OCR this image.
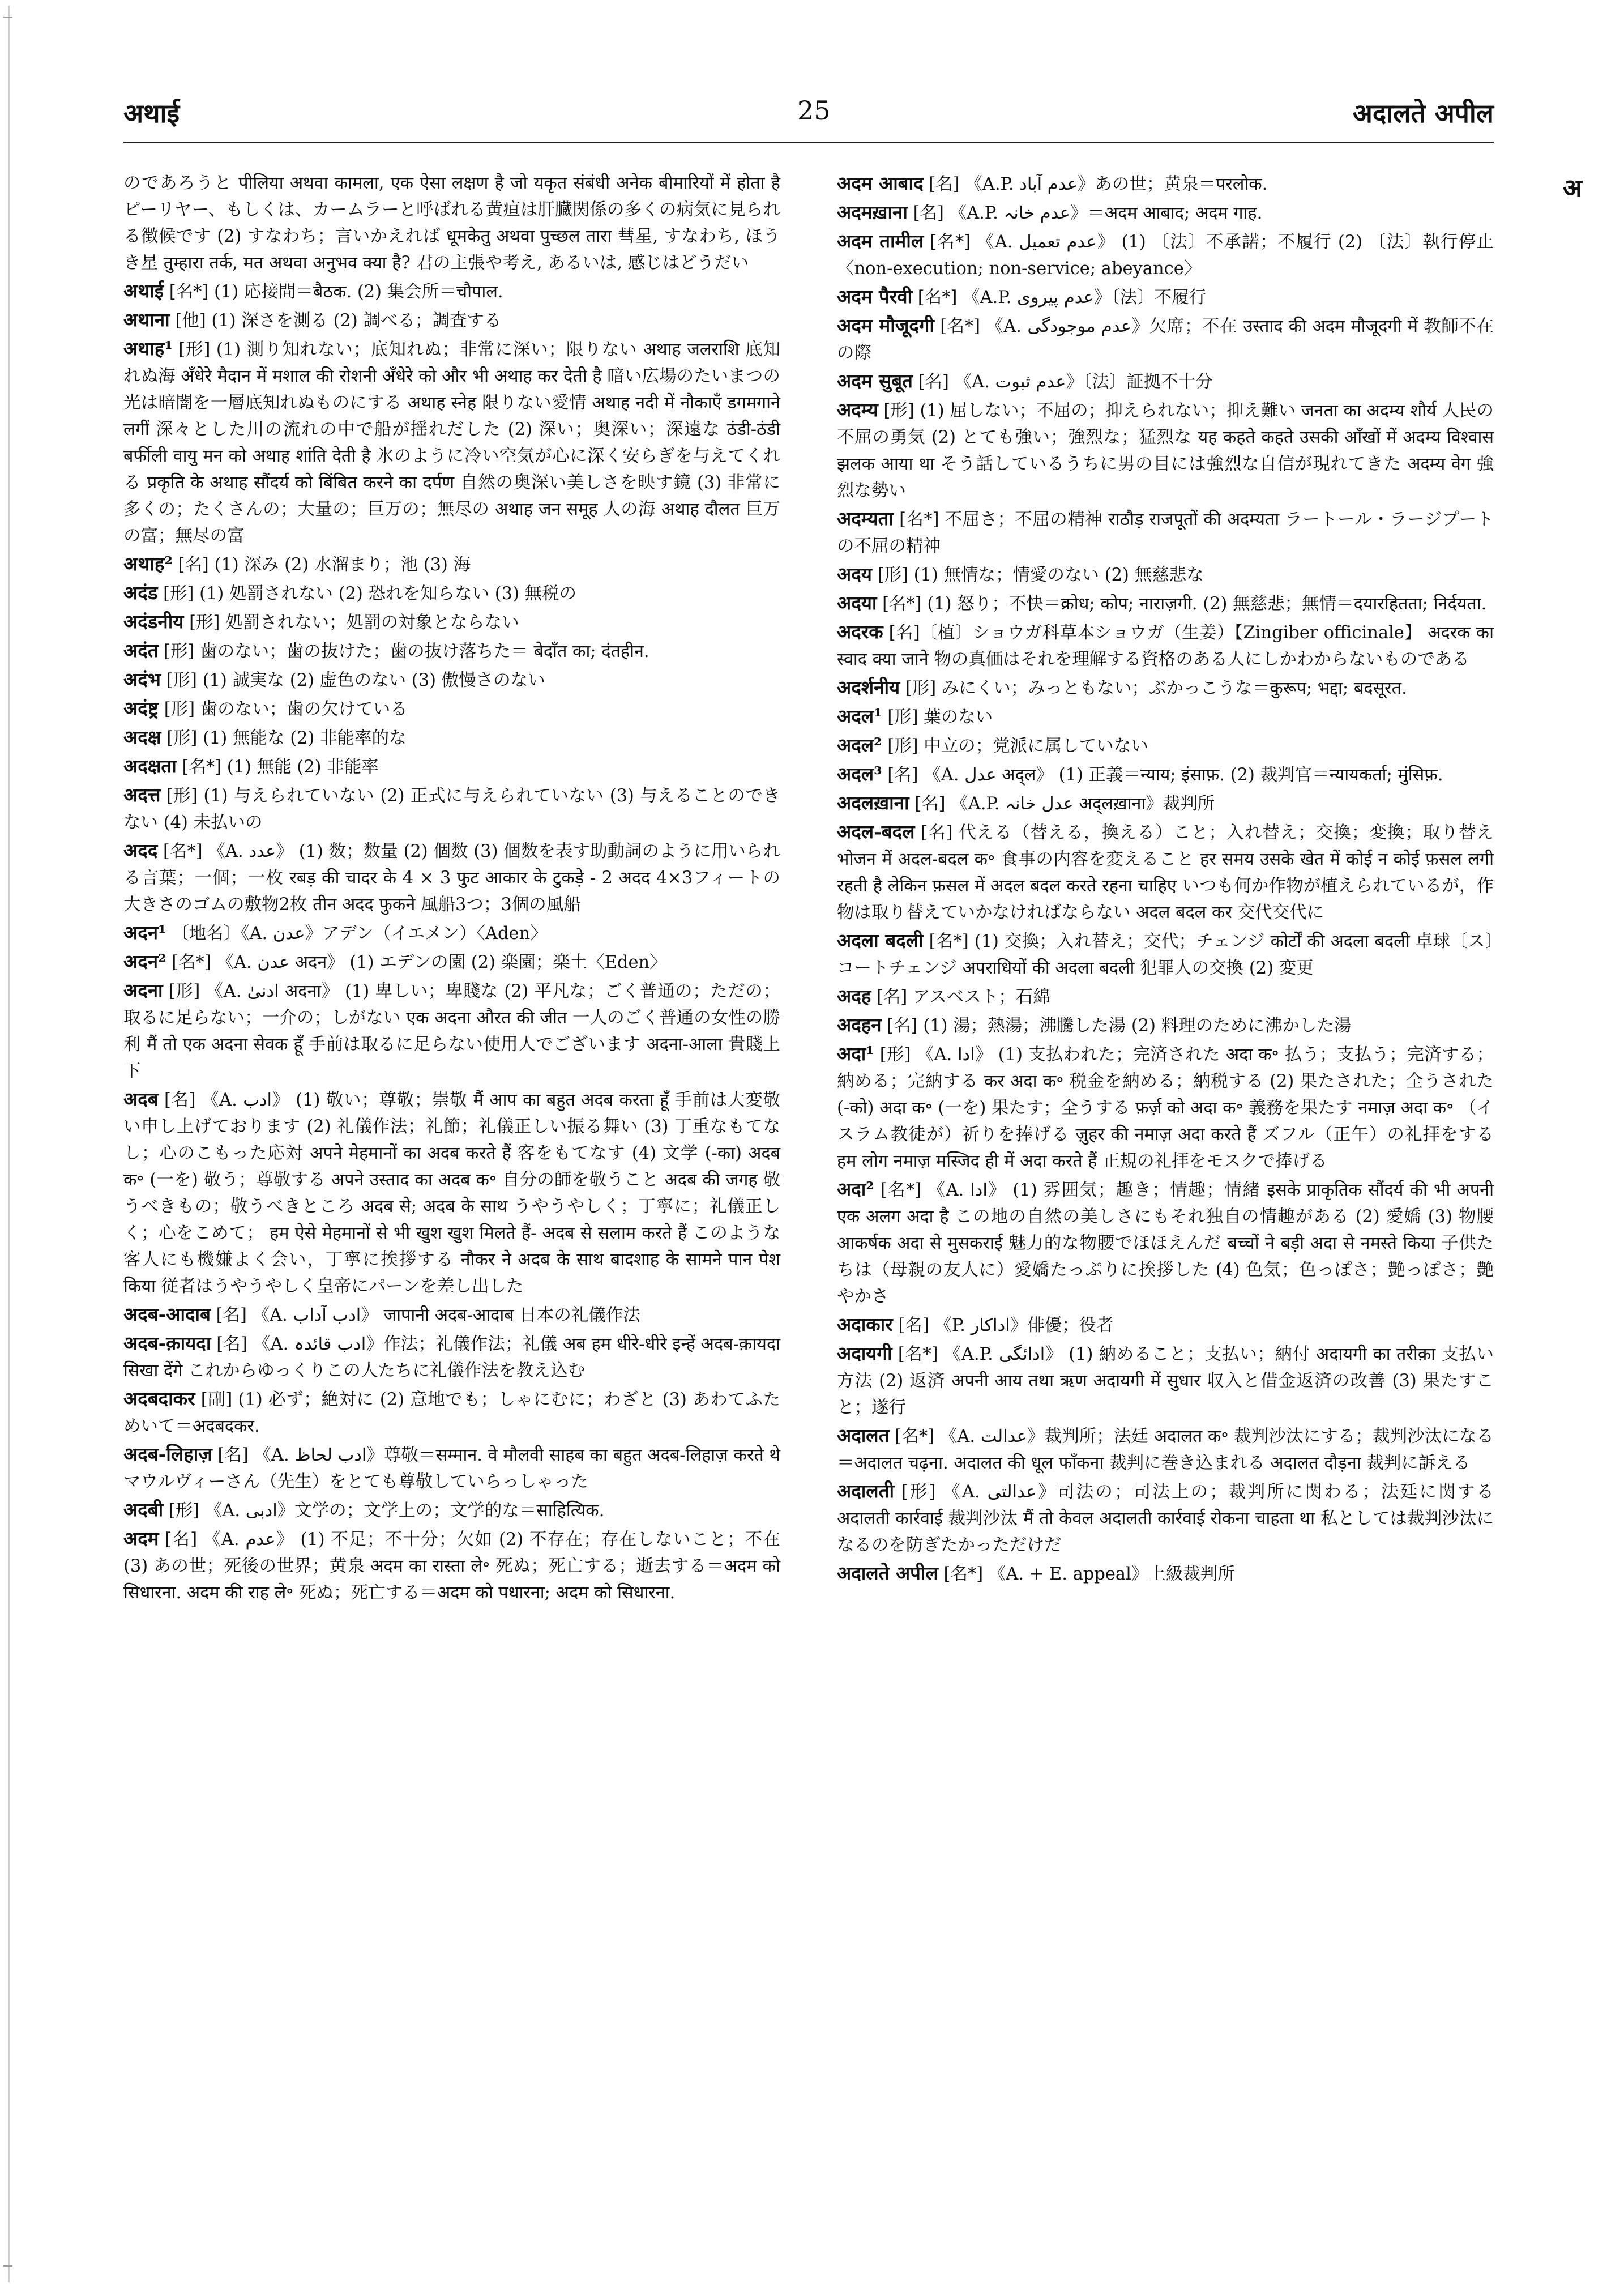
अथाई	25	अदालते अपील
अ
のであろうと पीलिया अथवा कामला, एक ऐसा लक्षण है जो यकृत संबंधी अनेक बीमारियों में होता है ピーリヤー、もしくは、カームラーと呼ばれる黄疸は肝臓関係の多くの病気に見られる徴候です (2) すなわち；言いかえれば धूमकेतु अथवा पुच्छल तारा 彗星, すなわち, ほうき星 तुम्हारा तर्क, मत अथवा अनुभव क्या है? 君の主張や考え, あるいは, 感じはどうだい
अथाई [名*] (1) 応接間＝बैठक. (2) 集会所＝चौपाल.
अथाना [他] (1) 深さを測る (2) 調べる；調査する
अथाह¹ [形] (1) 測り知れない；底知れぬ；非常に深い；限りない अथाह जलराशि 底知れぬ海 अँधेरे मैदान में मशाल की रोशनी अँधेरे को और भी अथाह कर देती है 暗い広場のたいまつの光は暗闇を一層底知れぬものにする अथाह स्नेह 限りない愛情 अथाह नदी में नौकाएँ डगमगाने लगीं 深々とした川の流れの中で船が揺れだした (2) 深い；奥深い；深遠な ठंडी-ठंडी बर्फीली वायु मन को अथाह शांति देती है 氷のように冷い空気が心に深く安らぎを与えてくれる प्रकृति के अथाह सौंदर्य को बिंबित करने का दर्पण 自然の奥深い美しさを映す鏡 (3) 非常に多くの；たくさんの；大量の；巨万の；無尽の अथाह जन समूह 人の海 अथाह दौलत 巨万の富；無尽の富
अथाह² [名] (1) 深み (2) 水溜まり；池 (3) 海
अदंड [形] (1) 処罰されない (2) 恐れを知らない (3) 無税の
अदंडनीय [形] 処罰されない；処罰の対象とならない
अदंत [形] 歯のない；歯の抜けた；歯の抜け落ちた＝ बेदाँत का; दंतहीन.
अदंभ [形] (1) 誠実な (2) 虚色のない (3) 傲慢さのない
अदंष्ट्र [形] 歯のない；歯の欠けている
अदक्ष [形] (1) 無能な (2) 非能率的な
अदक्षता [名*] (1) 無能 (2) 非能率
अदत्त [形] (1) 与えられていない (2) 正式に与えられていない (3) 与えることのできない (4) 未払いの
अदद [名*] 《A. عدد》 (1) 数；数量 (2) 個数 (3) 個数を表す助動詞のように用いられる言葉；一個；一枚 रबड़ की चादर के 4 × 3 फुट आकार के टुकड़े - 2 अदद 4×3フィートの大きさのゴムの敷物2枚 तीन अदद फुकने 風船3つ；3個の風船
अदन¹ 〔地名〕《A. عدن》アデン（イエメン）〈Aden〉
अदन² [名*] 《A. عدن अदन》 (1) エデンの園 (2) 楽園；楽土〈Eden〉
अदना [形] 《A. ادنیٰ अदना》 (1) 卑しい；卑賤な (2) 平凡な；ごく普通の；ただの；取るに足らない；一介の；しがない एक अदना औरत की जीत 一人のごく普通の女性の勝利 मैं तो एक अदना सेवक हूँ 手前は取るに足らない使用人でございます अदना-आला 貴賤上下
अदब [名] 《A. ادب》 (1) 敬い；尊敬；崇敬 मैं आप का बहुत अदब करता हूँ 手前は大変敬い申し上げております (2) 礼儀作法；礼節；礼儀正しい振る舞い (3) 丁重なもてなし；心のこもった応対 अपने मेहमानों का अदब करते हैं 客をもてなす (4) 文学 (-का) अदब क॰ (一を) 敬う；尊敬する अपने उस्ताद का अदब क॰ 自分の師を敬うこと अदब की जगह 敬うべきもの；敬うべきところ अदब से; अदब के साथ うやうやしく；丁寧に；礼儀正しく；心をこめて； हम ऐसे मेहमानों से भी खुश खुश मिलते हैं- अदब से सलाम करते हैं このような客人にも機嫌よく会い，丁寧に挨拶する नौकर ने अदब के साथ बादशाह के सामने पान पेश किया 従者はうやうやしく皇帝にパーンを差し出した
अदब-आदाब [名] 《A. ادب آداب》 जापानी अदब-आदाब 日本の礼儀作法
अदब-क़ायदा [名] 《A. ادب قائدہ》作法；礼儀作法；礼儀 अब हम धीरे-धीरे इन्हें अदब-क़ायदा सिखा देंगे これからゆっくりこの人たちに礼儀作法を教え込む
अदबदाकर [副] (1) 必ず；絶対に (2) 意地でも；しゃにむに；わざと (3) あわてふためいて＝अदबदकर.
अदब-लिहाज़ [名] 《A. ادب لحاظ》尊敬＝सम्मान. वे मौलवी साहब का बहुत अदब-लिहाज़ करते थे マウルヴィーさん（先生）をとても尊敬していらっしゃった
अदबी [形] 《A. ادبی》文学の；文学上の；文学的な＝साहित्यिक.
अदम [名] 《A. عدم》 (1) 不足；不十分；欠如 (2) 不存在；存在しないこと；不在 (3) あの世；死後の世界；黄泉 अदम का रास्ता ले॰ 死ぬ；死亡する；逝去する＝अदम को सिधारना. अदम की राह ले॰ 死ぬ；死亡する＝अदम को पधारना; अदम को सिधारना.
अदम आबाद [名] 《A.P. عدم آباد》あの世；黄泉＝परलोक.
अदमख़ाना [名] 《A.P. عدم خانہ》＝अदम आबाद; अदम गाह.
अदम तामील [名*] 《A. عدم تعمیل》 (1) 〔法〕不承諾；不履行 (2) 〔法〕執行停止〈non-execution; non-service; abeyance〉
अदम पैरवी [名*] 《A.P. عدم پیروی》〔法〕不履行
अदम मौजूदगी [名*] 《A. عدم موجودگی》欠席；不在 उस्ताद की अदम मौजूदगी में 教師不在の際
अदम सुबूत [名] 《A. عدم ثبوت》〔法〕証拠不十分
अदम्य [形] (1) 屈しない；不屈の；抑えられない；抑え難い जनता का अदम्य शौर्य 人民の不屈の勇気 (2) とても強い；強烈な；猛烈な यह कहते कहते उसकी आँखों में अदम्य विश्वास झलक आया था そう話しているうちに男の目には強烈な自信が現れてきた अदम्य वेग 強烈な勢い
अदम्यता [名*] 不屈さ；不屈の精神 राठौड़ राजपूतों की अदम्यता ラートール・ラージプートの不屈の精神
अदय [形] (1) 無情な；情愛のない (2) 無慈悲な
अदया [名*] (1) 怒り；不快＝क्रोध; कोप; नाराज़गी. (2) 無慈悲；無情＝दयारहितता; निर्दयता.
अदरक [名]〔植〕ショウガ科草本ショウガ（生姜）【Zingiber officinale】 अदरक का स्वाद क्या जाने 物の真価はそれを理解する資格のある人にしかわからないものである
अदर्शनीय [形] みにくい；みっともない；ぶかっこうな＝कुरूप; भद्दा; बदसूरत.
अदल¹ [形] 葉のない
अदल² [形] 中立の；党派に属していない
अदल³ [名] 《A. عدل अद्ल》 (1) 正義＝न्याय; इंसाफ़. (2) 裁判官＝न्यायकर्ता; मुंसिफ़.
अदलख़ाना [名] 《A.P. عدل خانہ अद्लख़ाना》裁判所
अदल-बदल [名] 代える（替える，換える）こと；入れ替え；交換；変換；取り替え भोजन में अदल-बदल क॰ 食事の内容を変えること हर समय उसके खेत में कोई न कोई फ़सल लगी रहती है लेकिन फ़सल में अदल बदल करते रहना चाहिए いつも何か作物が植えられているが，作物は取り替えていかなければならない अदल बदल कर 交代交代に
अदला बदली [名*] (1) 交換；入れ替え；交代；チェンジ कोर्टों की अदला बदली 卓球〔ス〕コートチェンジ अपराधियों की अदला बदली 犯罪人の交換 (2) 変更
अदह [名] アスベスト；石綿
अदहन [名] (1) 湯；熱湯；沸騰した湯 (2) 料理のために沸かした湯
अदा¹ [形] 《A. ادا》 (1) 支払われた；完済された अदा क॰ 払う；支払う；完済する；納める；完納する कर अदा क॰ 税金を納める；納税する (2) 果たされた；全うされた (-को) अदा क॰ (一を) 果たす；全うする फ़र्ज़ को अदा क॰ 義務を果たす नमाज़ अदा क॰ （イスラム教徒が）祈りを捧げる ज़ुहर की नमाज़ अदा करते हैं ズフル（正午）の礼拝をする हम लोग नमाज़ मस्जिद ही में अदा करते हैं 正規の礼拝をモスクで捧げる
अदा² [名*] 《A. ادا》 (1) 雰囲気；趣き；情趣；情緒 इसके प्राकृतिक सौंदर्य की भी अपनी एक अलग अदा है この地の自然の美しさにもそれ独自の情趣がある (2) 愛嬌 (3) 物腰 आकर्षक अदा से मुसकराई 魅力的な物腰でほほえんだ बच्चों ने बड़ी अदा से नमस्ते किया 子供たちは（母親の友人に）愛嬌たっぷりに挨拶した (4) 色気；色っぽさ；艶っぽさ；艶やかさ
अदाकार [名] 《P. اداکار》俳優；役者
अदायगी [名*] 《A.P. ادائگی》 (1) 納めること；支払い；納付 अदायगी का तरीक़ा 支払い方法 (2) 返済 अपनी आय तथा ऋण अदायगी में सुधार 収入と借金返済の改善 (3) 果たすこと；遂行
अदालत [名*] 《A. عدالت》裁判所；法廷 अदालत क॰ 裁判沙汰にする；裁判沙汰になる＝अदालत चढ़ना. अदालत की धूल फाँकना 裁判に巻き込まれる अदालत दौड़ना 裁判に訴える
अदालती [形] 《A. عدالتی》司法の；司法上の；裁判所に関わる；法廷に関する अदालती कार्रवाई 裁判沙汰 मैं तो केवल अदालती कार्रवाई रोकना चाहता था 私としては裁判沙汰になるのを防ぎたかっただけだ
अदालते अपील [名*] 《A. + E. appeal》上級裁判所
